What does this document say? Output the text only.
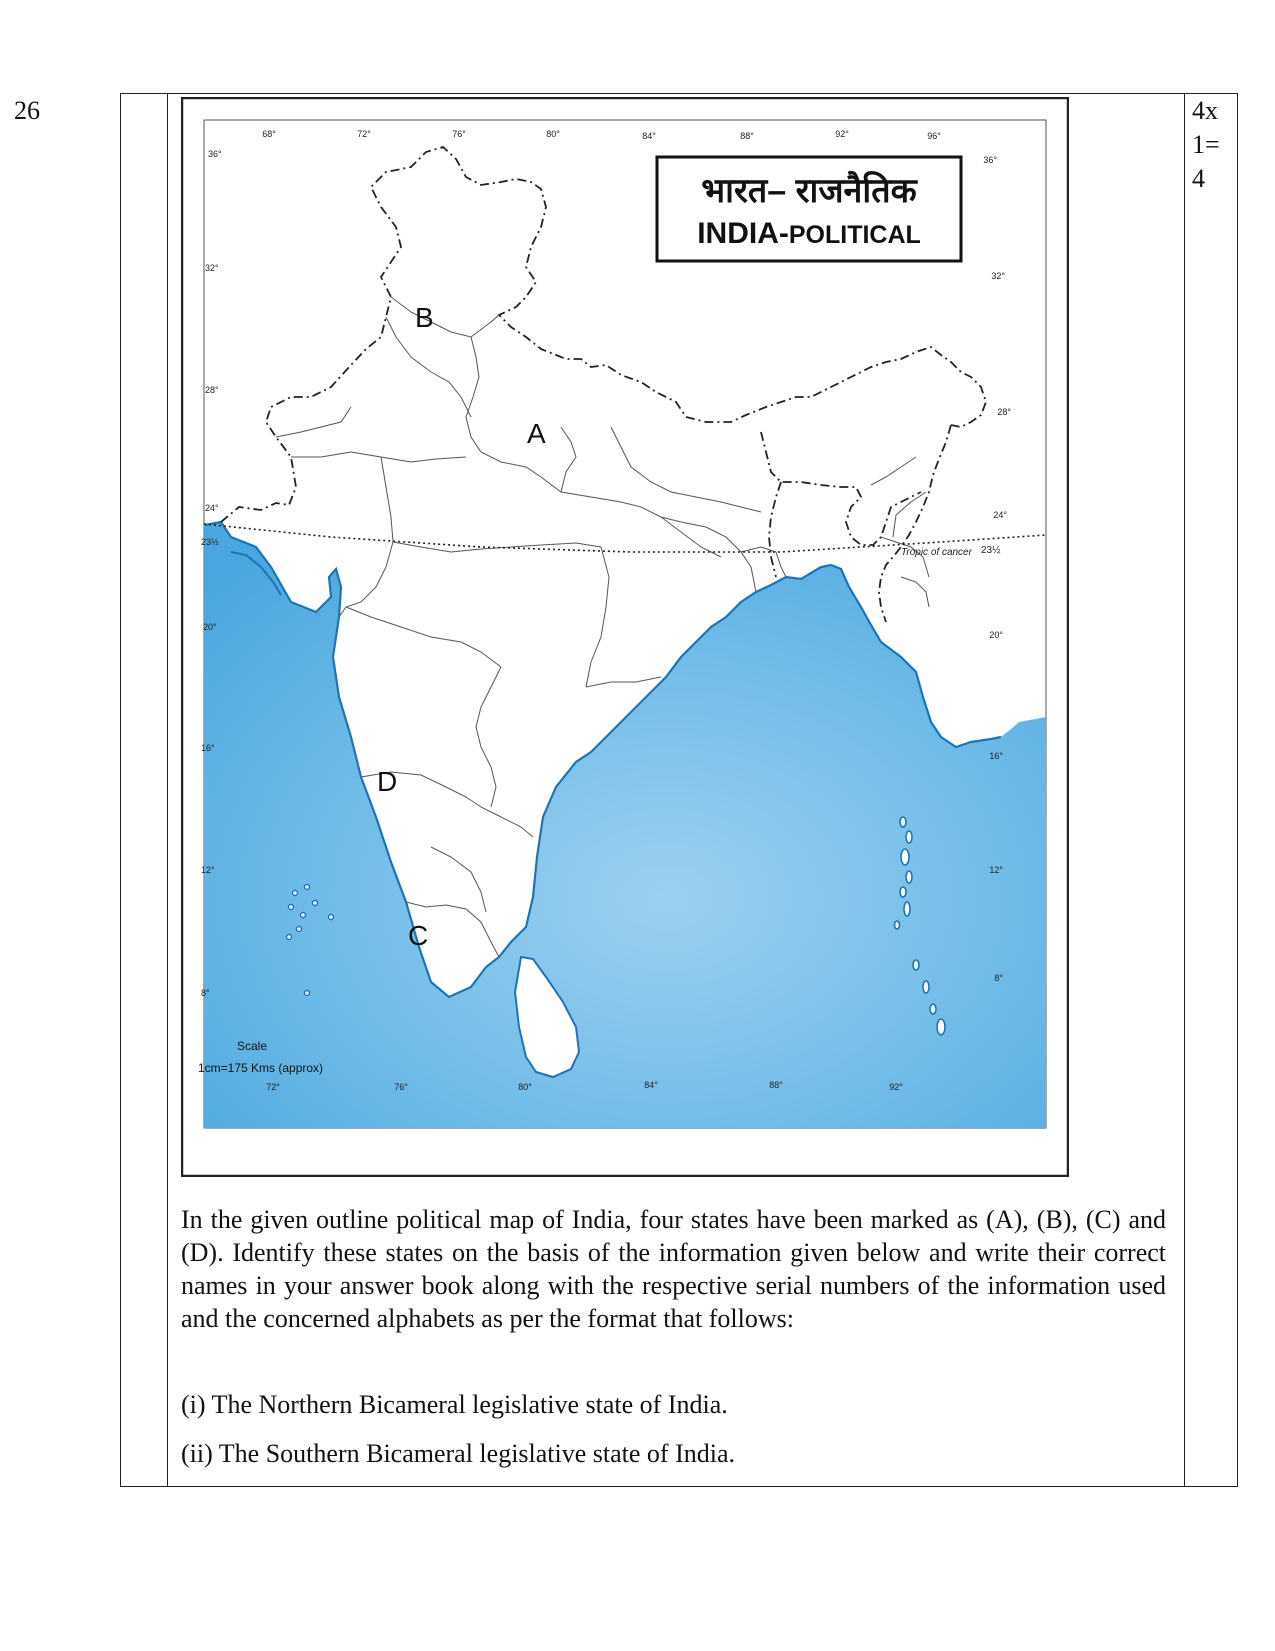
26	4x
1=
4
भारत– राजनैतिक
INDIA-POLITICAL
68°	72°	76°	80°	84°	88°	92°	96°
72°	76°	80°	84°	88°	92°
36°
32°
28°
24°
23½
20°
16°
12°
8°
36°
32°
28°
24°
20°
16°
12°
8°
Tropic of cancer 23½
Scale
1cm=175 Kms (approx)
A
B
C
D

In the given outline political map of India, four states have been marked as (A), (B), (C) and (D). Identify these states on the basis of the information given below and write their correct names in your answer book along with the respective serial numbers of the information used and the concerned alphabets as per the format that follows:

(i) The Northern Bicameral legislative state of India.
(ii) The Southern Bicameral legislative state of India.
